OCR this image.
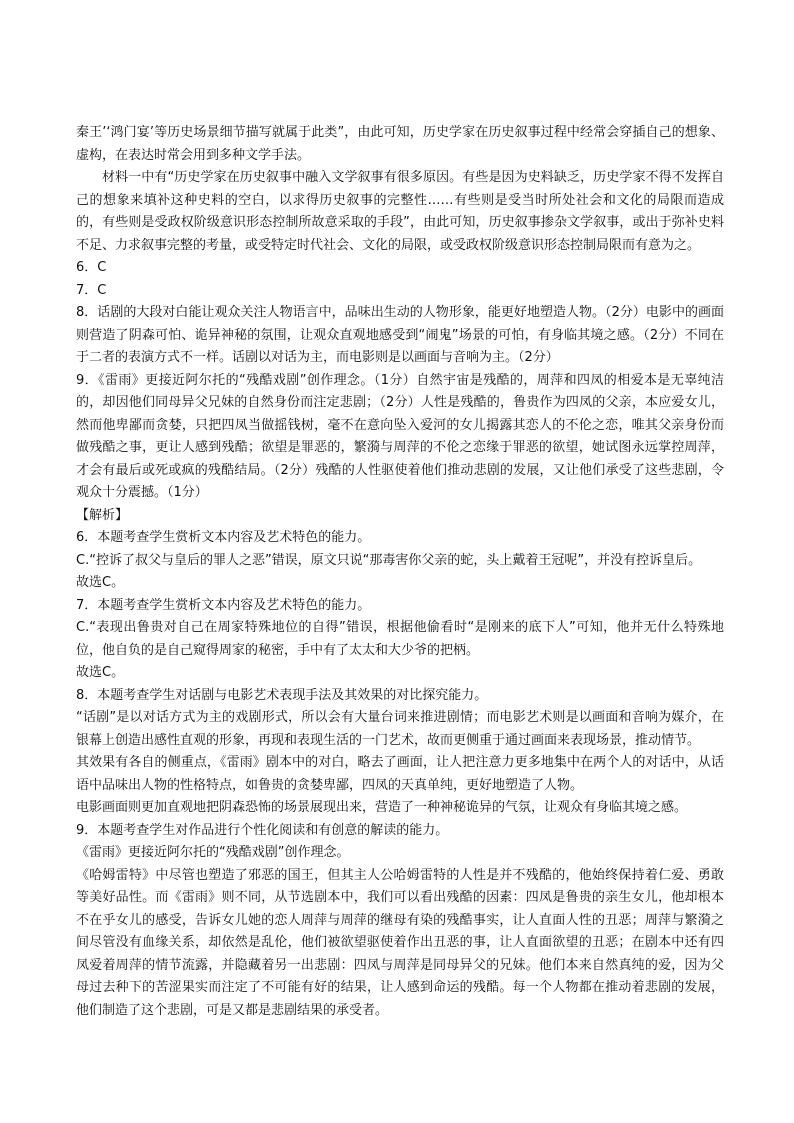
秦王’‘鸿门宴’等历史场景细节描写就属于此类”，由此可知，历史学家在历史叙事过程中经常会穿插自己的想象、虚构，在表达时常会用到多种文学手法。

材料一中有“历史学家在历史叙事中融入文学叙事有很多原因。有些是因为史料缺乏，历史学家不得不发挥自己的想象来填补这种史料的空白，以求得历史叙事的完整性……有些则是受当时所处社会和文化的局限而造成的，有些则是受政权阶级意识形态控制所故意采取的手段”，由此可知，历史叙事掺杂文学叙事，或出于弥补史料不足、力求叙事完整的考量，或受特定时代社会、文化的局限，或受政权阶级意识形态控制局限而有意为之。

6．C

7．C

8．话剧的大段对白能让观众关注人物语言中，品味出生动的人物形象，能更好地塑造人物。（2分）电影中的画面则营造了阴森可怕、诡异神秘的氛围，让观众直观地感受到“闹鬼”场景的可怕，有身临其境之感。（2分）不同在于二者的表演方式不一样。话剧以对话为主，而电影则是以画面与音响为主。（2分）

9．《雷雨》更接近阿尔托的“残酷戏剧”创作理念。（1分）自然宇宙是残酷的，周萍和四凤的相爱本是无辜纯洁的，却因他们同母异父兄妹的自然身份而注定悲剧；（2分）人性是残酷的，鲁贵作为四凤的父亲，本应爱女儿，然而他卑鄙而贪婪，只把四凤当做摇钱树，毫不在意向坠入爱河的女儿揭露其恋人的不伦之恋，唯其父亲身份而做残酷之事，更让人感到残酷；欲望是罪恶的，繁漪与周萍的不伦之恋缘于罪恶的欲望，她试图永远掌控周萍，才会有最后或死或疯的残酷结局。（2分）残酷的人性驱使着他们推动悲剧的发展，又让他们承受了这些悲剧，令观众十分震撼。（1分）

【解析】

6．本题考查学生赏析文本内容及艺术特色的能力。

C.“控诉了叔父与皇后的罪人之恶”错误，原文只说“那毒害你父亲的蛇，头上戴着王冠呢”，并没有控诉皇后。

故选C。

7．本题考查学生赏析文本内容及艺术特色的能力。

C.“表现出鲁贵对自己在周家特殊地位的自得”错误，根据他偷看时“是刚来的底下人”可知，他并无什么特殊地位，他自负的是自己窥得周家的秘密，手中有了太太和大少爷的把柄。

故选C。

8．本题考查学生对话剧与电影艺术表现手法及其效果的对比探究能力。

“话剧”是以对话方式为主的戏剧形式，所以会有大量台词来推进剧情；而电影艺术则是以画面和音响为媒介，在银幕上创造出感性直观的形象，再现和表现生活的一门艺术，故而更侧重于通过画面来表现场景，推动情节。

其效果有各自的侧重点，《雷雨》剧本中的对白，略去了画面，让人把注意力更多地集中在两个人的对话中，从话语中品味出人物的性格特点，如鲁贵的贪婪卑鄙，四凤的天真单纯，更好地塑造了人物。

电影画面则更加直观地把阴森恐怖的场景展现出来，营造了一种神秘诡异的气氛，让观众有身临其境之感。

9．本题考查学生对作品进行个性化阅读和有创意的解读的能力。

《雷雨》更接近阿尔托的“残酷戏剧”创作理念。

《哈姆雷特》中尽管也塑造了邪恶的国王，但其主人公哈姆雷特的人性是并不残酷的，他始终保持着仁爱、勇敢等美好品性。而《雷雨》则不同，从节选剧本中，我们可以看出残酷的因素：四凤是鲁贵的亲生女儿，他却根本不在乎女儿的感受，告诉女儿她的恋人周萍与周萍的继母有染的残酷事实，让人直面人性的丑恶；周萍与繁漪之间尽管没有血缘关系，却依然是乱伦，他们被欲望驱使着作出丑恶的事，让人直面欲望的丑恶；在剧本中还有四凤爱着周萍的情节流露，并隐藏着另一出悲剧：四凤与周萍是同母异父的兄妹。他们本来自然真纯的爱，因为父母过去种下的苦涩果实而注定了不可能有好的结果，让人感到命运的残酷。每一个人物都在推动着悲剧的发展，他们制造了这个悲剧，可是又都是悲剧结果的承受者。
